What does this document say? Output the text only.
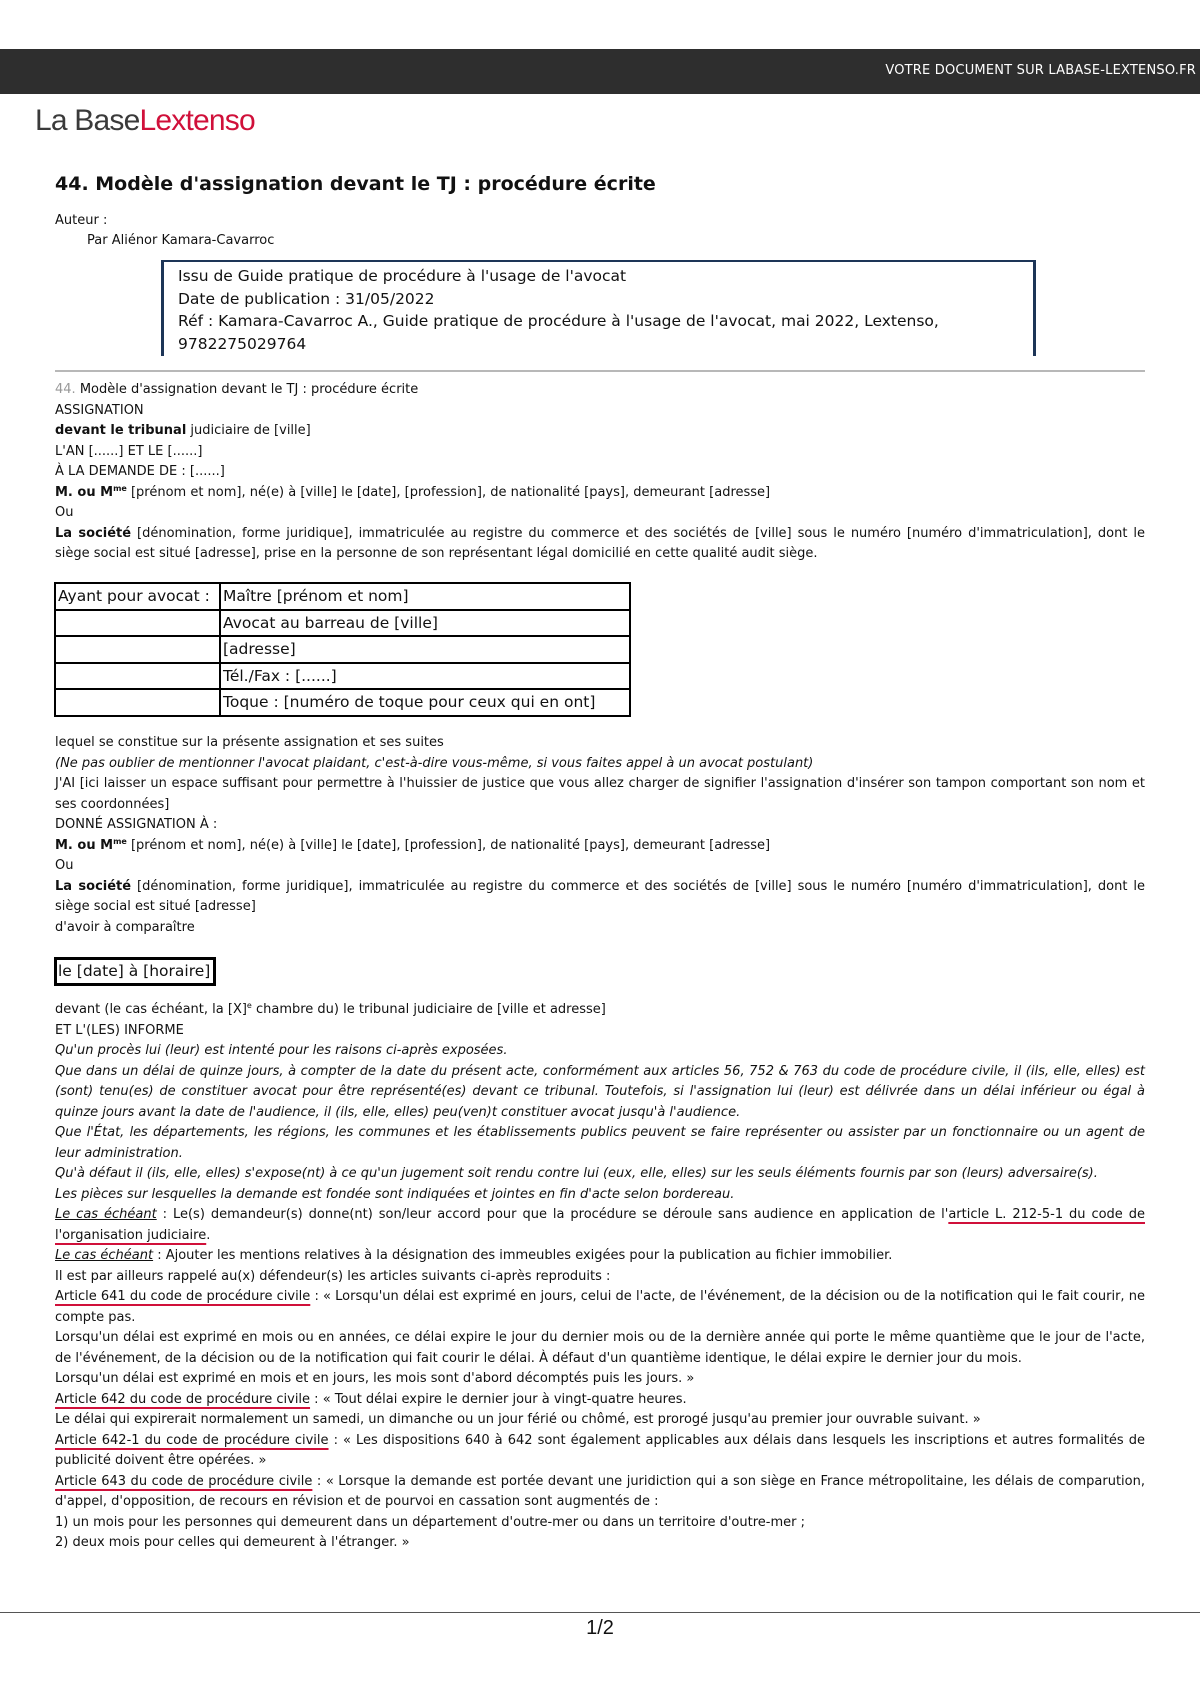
VOTRE DOCUMENT SUR LABASE-LEXTENSO.FR
La BaseLextenso
44. Modèle d'assignation devant le TJ : procédure écrite
Auteur :
Par Aliénor Kamara-Cavarroc
Issu de Guide pratique de procédure à l'usage de l'avocat
Date de publication : 31/05/2022
Réf : Kamara-Cavarroc A., Guide pratique de procédure à l'usage de l'avocat, mai 2022, Lextenso, 9782275029764
44. Modèle d'assignation devant le TJ : procédure écrite
ASSIGNATION
devant le tribunal judiciaire de [ville]
L'AN [......] ET LE [......]
À LA DEMANDE DE : [......]
M. ou $M^{me}$ [prénom et nom], né(e) à [ville] le [date], [profession], de nationalité [pays], demeurant [adresse]
Ou
La société [dénomination, forme juridique], immatriculée au registre du commerce et des sociétés de [ville] sous le numéro [numéro d'immatriculation], dont le siège social est situé [adresse], prise en la personne de son représentant légal domicilié en cette qualité audit siège.
Ayant pour avocat :	Maître [prénom et nom]
	Avocat au barreau de [ville]
	[adresse]
	Tél./Fax : [......]
	Toque : [numéro de toque pour ceux qui en ont]
lequel se constitue sur la présente assignation et ses suites
(Ne pas oublier de mentionner l'avocat plaidant, c'est-à-dire vous-même, si vous faites appel à un avocat postulant)
J'AI [ici laisser un espace suffisant pour permettre à l'huissier de justice que vous allez charger de signifier l'assignation d'insérer son tampon comportant son nom et ses coordonnées]
DONNÉ ASSIGNATION À :
M. ou $M^{me}$ [prénom et nom], né(e) à [ville] le [date], [profession], de nationalité [pays], demeurant [adresse]
Ou
La société [dénomination, forme juridique], immatriculée au registre du commerce et des sociétés de [ville] sous le numéro [numéro d'immatriculation], dont le siège social est situé [adresse]
d'avoir à comparaître
le [date] à [horaire]
devant (le cas échéant, la $[X]^e$ chambre du) le tribunal judiciaire de [ville et adresse]
ET L'(LES) INFORME
Qu'un procès lui (leur) est intenté pour les raisons ci-après exposées.
Que dans un délai de quinze jours, à compter de la date du présent acte, conformément aux articles 56, 752 & 763 du code de procédure civile, il (ils, elle, elles) est (sont) tenu(es) de constituer avocat pour être représenté(es) devant ce tribunal. Toutefois, si l'assignation lui (leur) est délivrée dans un délai inférieur ou égal à quinze jours avant la date de l'audience, il (ils, elle, elles) peu(ven)t constituer avocat jusqu'à l'audience.
Que l'État, les départements, les régions, les communes et les établissements publics peuvent se faire représenter ou assister par un fonctionnaire ou un agent de leur administration.
Qu'à défaut il (ils, elle, elles) s'expose(nt) à ce qu'un jugement soit rendu contre lui (eux, elle, elles) sur les seuls éléments fournis par son (leurs) adversaire(s).
Les pièces sur lesquelles la demande est fondée sont indiquées et jointes en fin d'acte selon bordereau.
Le cas échéant : Le(s) demandeur(s) donne(nt) son/leur accord pour que la procédure se déroule sans audience en application de l'article L. 212-5-1 du code de l'organisation judiciaire.
Le cas échéant : Ajouter les mentions relatives à la désignation des immeubles exigées pour la publication au fichier immobilier.
Il est par ailleurs rappelé au(x) défendeur(s) les articles suivants ci-après reproduits :
Article 641 du code de procédure civile : « Lorsqu'un délai est exprimé en jours, celui de l'acte, de l'événement, de la décision ou de la notification qui le fait courir, ne compte pas.
Lorsqu'un délai est exprimé en mois ou en années, ce délai expire le jour du dernier mois ou de la dernière année qui porte le même quantième que le jour de l'acte, de l'événement, de la décision ou de la notification qui fait courir le délai. À défaut d'un quantième identique, le délai expire le dernier jour du mois.
Lorsqu'un délai est exprimé en mois et en jours, les mois sont d'abord décomptés puis les jours. »
Article 642 du code de procédure civile : « Tout délai expire le dernier jour à vingt-quatre heures.
Le délai qui expirerait normalement un samedi, un dimanche ou un jour férié ou chômé, est prorogé jusqu'au premier jour ouvrable suivant. »
Article 642-1 du code de procédure civile : « Les dispositions 640 à 642 sont également applicables aux délais dans lesquels les inscriptions et autres formalités de publicité doivent être opérées. »
Article 643 du code de procédure civile : « Lorsque la demande est portée devant une juridiction qui a son siège en France métropolitaine, les délais de comparution, d'appel, d'opposition, de recours en révision et de pourvoi en cassation sont augmentés de :
1) un mois pour les personnes qui demeurent dans un département d'outre-mer ou dans un territoire d'outre-mer ;
2) deux mois pour celles qui demeurent à l'étranger. »
1/2
